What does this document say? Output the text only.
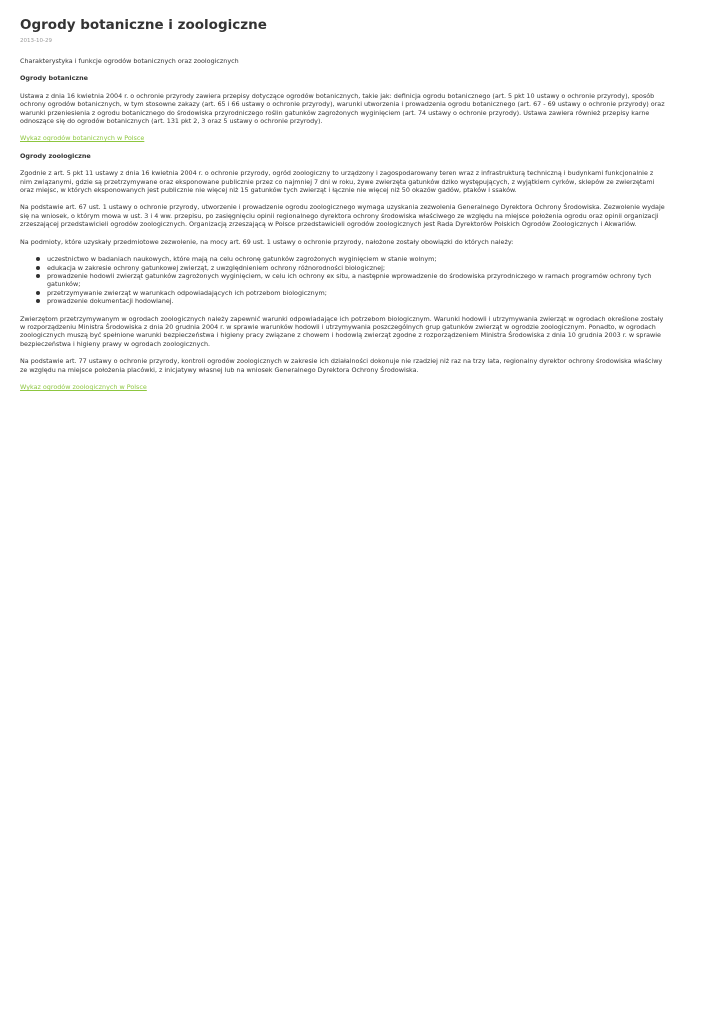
Ogrody botaniczne i zoologiczne
2013-10-29

Charakterystyka i funkcje ogrodów botanicznych oraz zoologicznych

Ogrody botaniczne

Ustawa z dnia 16 kwietnia 2004 r. o ochronie przyrody zawiera przepisy dotyczące ogrodów botanicznych, takie jak: definicja ogrodu botanicznego (art. 5 pkt 10 ustawy o ochronie przyrody), sposób ochrony ogrodów botanicznych, w tym stosowne zakazy (art. 65 i 66 ustawy o ochronie przyrody), warunki utworzenia i prowadzenia ogrodu botanicznego (art. 67 - 69 ustawy o ochronie przyrody) oraz warunki przeniesienia z ogrodu botanicznego do środowiska przyrodniczego roślin gatunków zagrożonych wyginięciem (art. 74 ustawy o ochronie przyrody). Ustawa zawiera również przepisy karne odnoszące się do ogrodów botanicznych (art. 131 pkt 2, 3 oraz 5 ustawy o ochronie przyrody).

Wykaz ogrodów botanicznych w Polsce

Ogrody zoologiczne

Zgodnie z art. 5 pkt 11 ustawy z dnia 16 kwietnia 2004 r. o ochronie przyrody, ogród zoologiczny to urządzony i zagospodarowany teren wraz z infrastrukturą techniczną i budynkami funkcjonalnie z nim związanymi, gdzie są przetrzymywane oraz eksponowane publicznie przez co najmniej 7 dni w roku, żywe zwierzęta gatunków dziko występujących, z wyjątkiem cyrków, sklepów ze zwierzętami oraz miejsc, w których eksponowanych jest publicznie nie więcej niż 15 gatunków tych zwierząt i łącznie nie więcej niż 50 okazów gadów, ptaków i ssaków.

Na podstawie art. 67 ust. 1 ustawy o ochronie przyrody, utworzenie i prowadzenie ogrodu zoologicznego wymaga uzyskania zezwolenia Generalnego Dyrektora Ochrony Środowiska. Zezwolenie wydaje się na wniosek, o którym mowa w ust. 3 i 4 ww. przepisu, po zasięgnięciu opinii regionalnego dyrektora ochrony środowiska właściwego ze względu na miejsce położenia ogrodu oraz opinii organizacji zrzeszającej przedstawicieli ogrodów zoologicznych. Organizacją zrzeszającą w Polsce przedstawicieli ogrodów zoologicznych jest Rada Dyrektorów Polskich Ogrodów Zoologicznych i Akwariów.

Na podmioty, które uzyskały przedmiotowe zezwolenie, na mocy art. 69 ust. 1 ustawy o ochronie przyrody, nałożone zostały obowiązki do których należy:

uczestnictwo w badaniach naukowych, które mają na celu ochronę gatunków zagrożonych wyginięciem w stanie wolnym;
edukacja w zakresie ochrony gatunkowej zwierząt, z uwzględnieniem ochrony różnorodności biologicznej;
prowadzenie hodowli zwierząt gatunków zagrożonych wyginięciem, w celu ich ochrony ex situ, a następnie wprowadzenie do środowiska przyrodniczego w ramach programów ochrony tych gatunków;
przetrzymywanie zwierząt w warunkach odpowiadających ich potrzebom biologicznym;
prowadzenie dokumentacji hodowlanej.

Zwierzętom przetrzymywanym w ogrodach zoologicznych należy zapewnić warunki odpowiadające ich potrzebom biologicznym. Warunki hodowli i utrzymywania zwierząt w ogrodach określone zostały w rozporządzeniu Ministra Środowiska z dnia 20 grudnia 2004 r. w sprawie warunków hodowli i utrzymywania poszczególnych grup gatunków zwierząt w ogrodzie zoologicznym. Ponadto, w ogrodach zoologicznych muszą być spełnione warunki bezpieczeństwa i higieny pracy związane z chowem i hodowlą zwierząt zgodne z rozporządzeniem Ministra Środowiska z dnia 10 grudnia 2003 r. w sprawie bezpieczeństwa i higieny prawy w ogrodach zoologicznych.

Na podstawie art. 77 ustawy o ochronie przyrody, kontroli ogrodów zoologicznych w zakresie ich działalności dokonuje nie rzadziej niż raz na trzy lata, regionalny dyrektor ochrony środowiska właściwy ze względu na miejsce położenia placówki, z inicjatywy własnej lub na wniosek Generalnego Dyrektora Ochrony Środowiska.

Wykaz ogrodów zoologicznych w Polsce
